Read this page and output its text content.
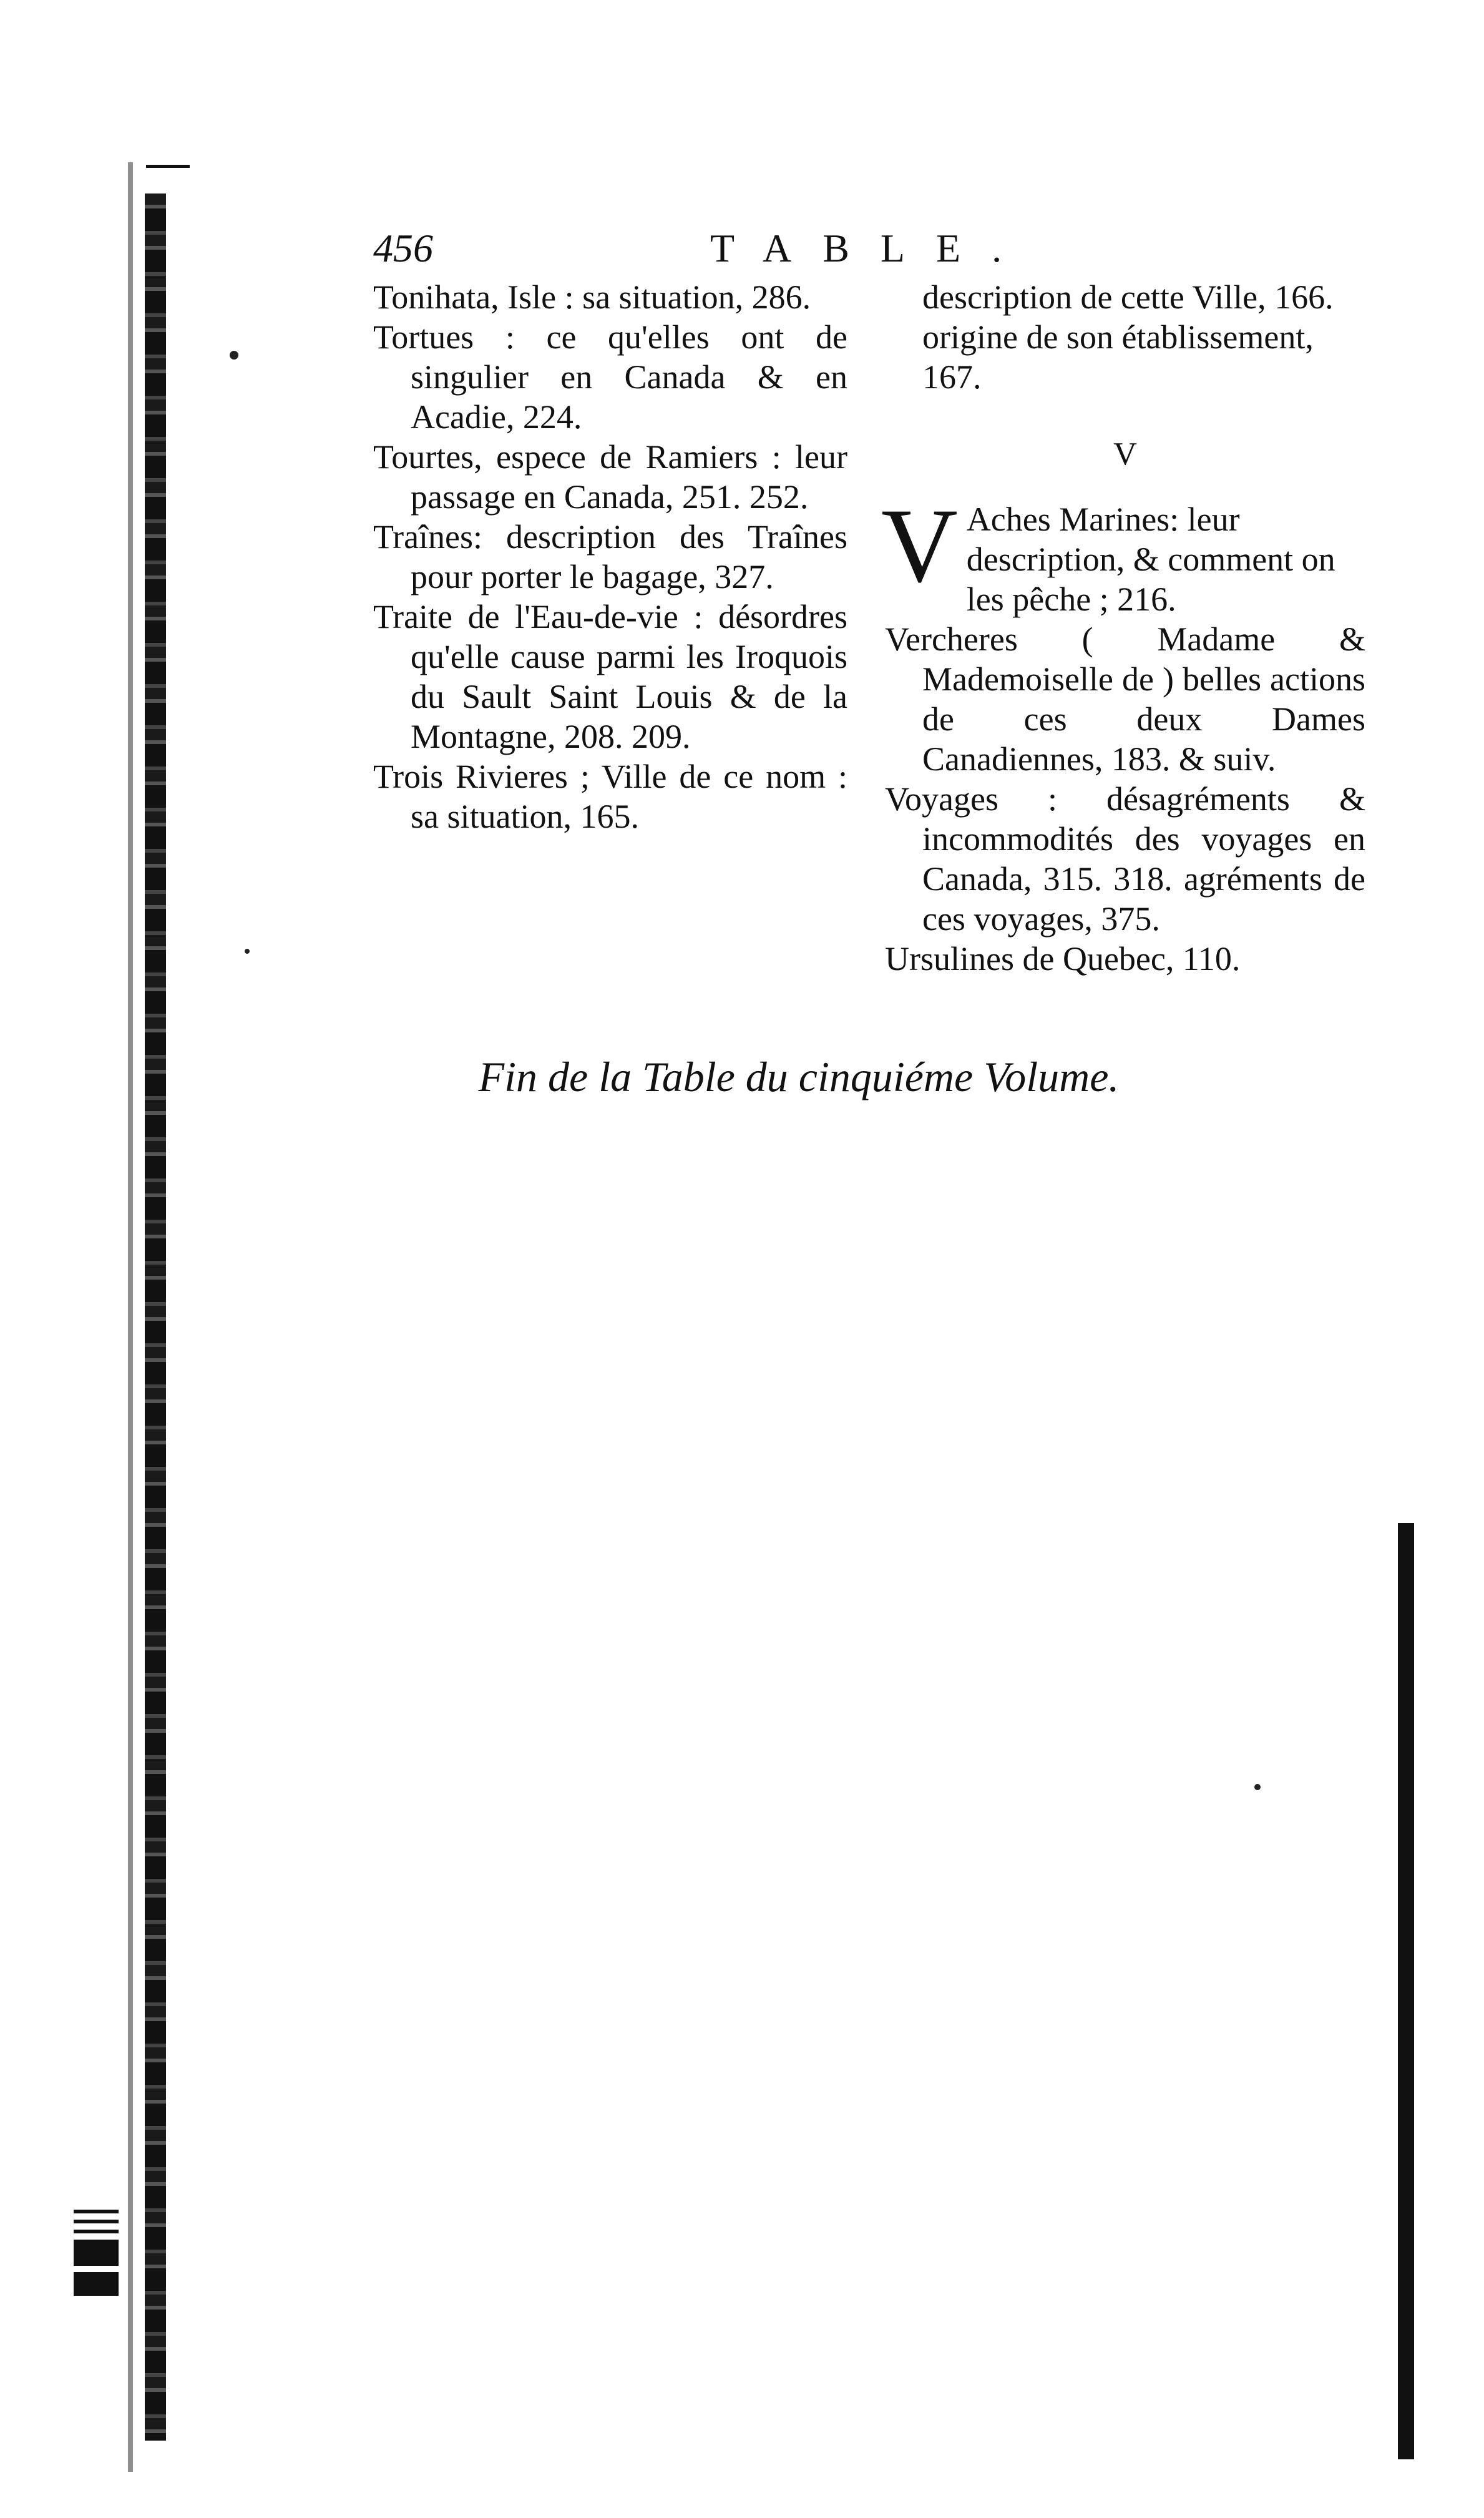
456	TABLE.

Tonihata, Isle : sa situation, 286.

Tortues : ce qu'elles ont de singulier en Canada & en Acadie, 224.

Tourtes, espece de Ramiers : leur passage en Canada, 251. 252.

Traînes: description des Traînes pour porter le bagage, 327.

Traite de l'Eau-de-vie : désordres qu'elle cause parmi les Iroquois du Sault Saint Louis & de la Montagne, 208. 209.

Trois Rivieres ; Ville de ce nom : sa situation, 165.

description de cette Ville, 166. origine de son établissement, 167.

V

V Aches Marines: leur description, & comment on les pêche ; 216.

Vercheres ( Madame & Mademoiselle de ) belles actions de ces deux Dames Canadiennes, 183. & suiv.

Voyages : désagréments & incommodités des voyages en Canada, 315. 318. agréments de ces voyages, 375.

Ursulines de Quebec, 110.

Fin de la Table du cinquiéme Volume.
